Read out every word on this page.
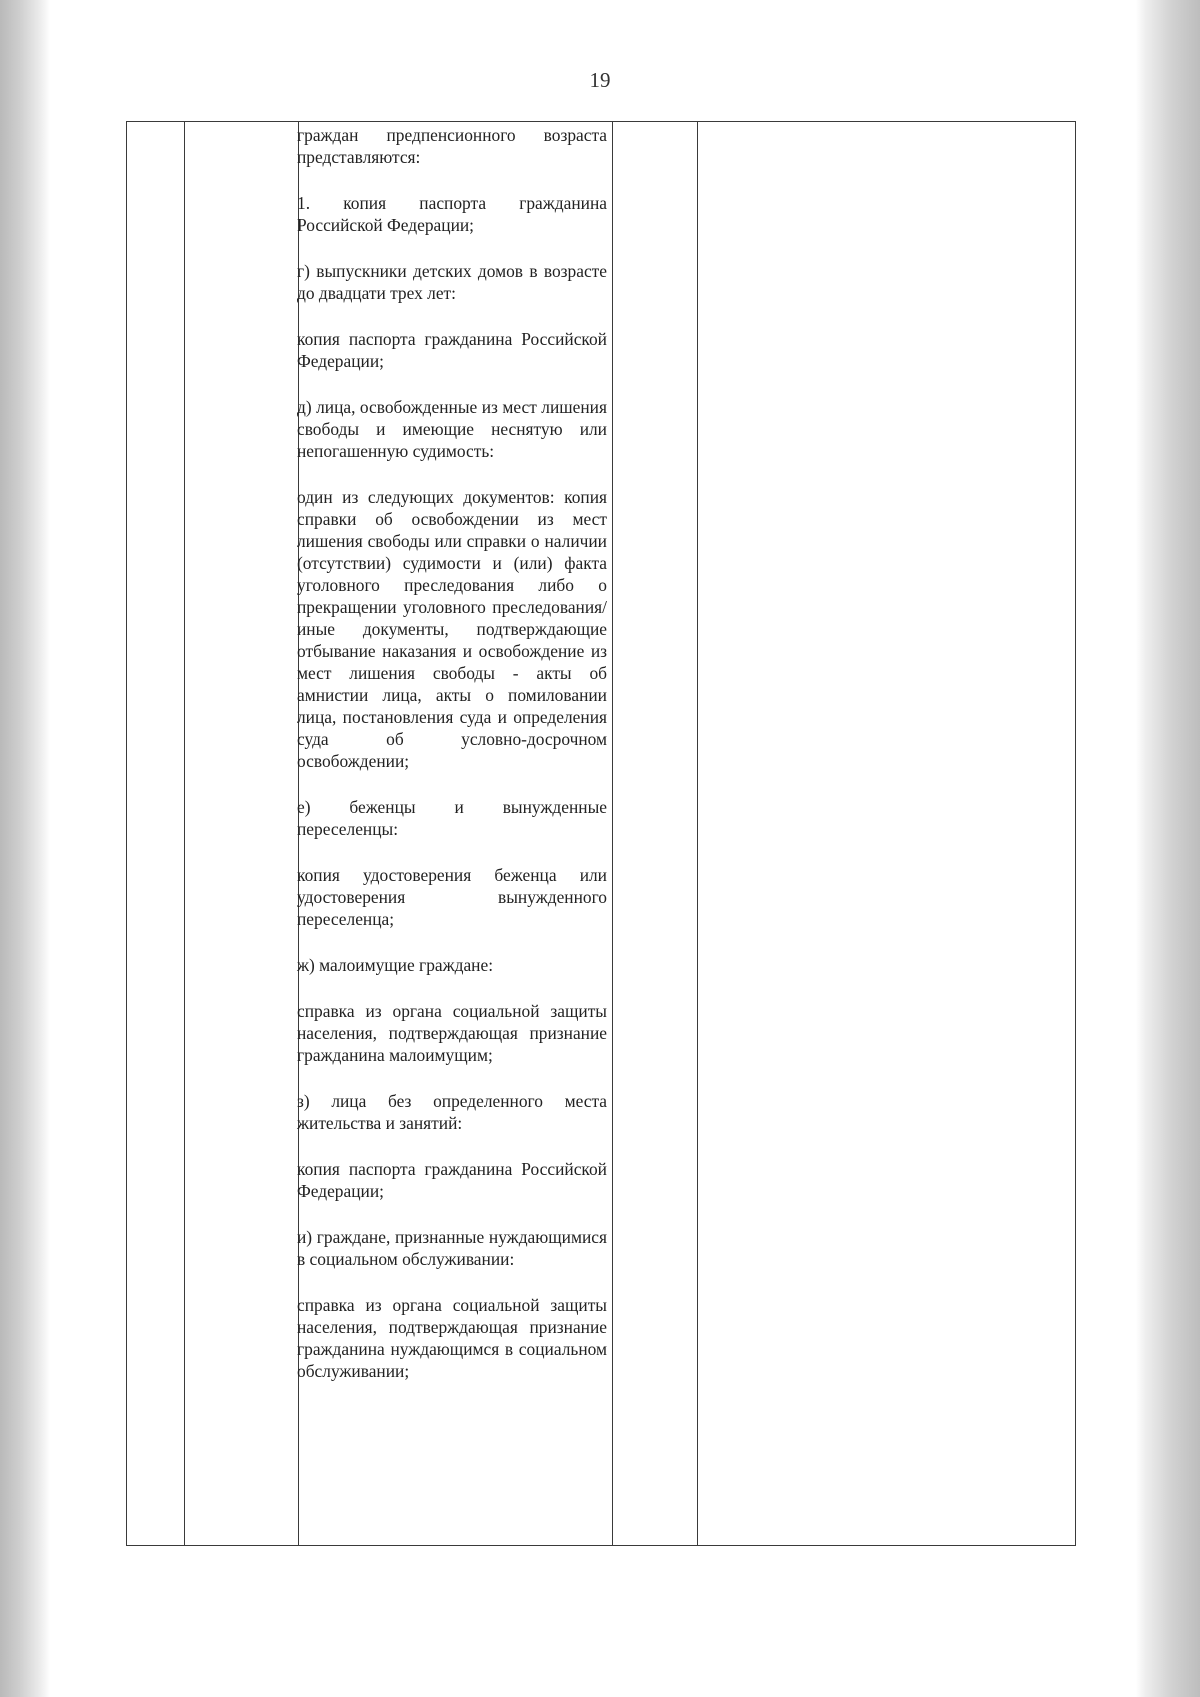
19

граждан предпенсионного возраста представляются:

1. копия паспорта гражданина Российской Федерации;

г) выпускники детских домов в возрасте до двадцати трех лет:

копия паспорта гражданина Российской Федерации;

д) лица, освобожденные из мест лишения свободы и имеющие неснятую или непогашенную судимость:

один из следующих документов: копия справки об освобождении из мест лишения свободы или справки о наличии (отсутствии) судимости и (или) факта уголовного преследования либо о прекращении уголовного преследования/иные документы, подтверждающие отбывание наказания и освобождение из мест лишения свободы - акты об амнистии лица, акты о помиловании лица, постановления суда и определения суда об условно-досрочном освобождении;

е) беженцы и вынужденные переселенцы:

копия удостоверения беженца или удостоверения вынужденного переселенца;

ж) малоимущие граждане:

справка из органа социальной защиты населения, подтверждающая признание гражданина малоимущим;

з) лица без определенного места жительства и занятий:

копия паспорта гражданина Российской Федерации;

и) граждане, признанные нуждающимися в социальном обслуживании:

справка из органа социальной защиты населения, подтверждающая признание гражданина нуждающимся в социальном обслуживании;
